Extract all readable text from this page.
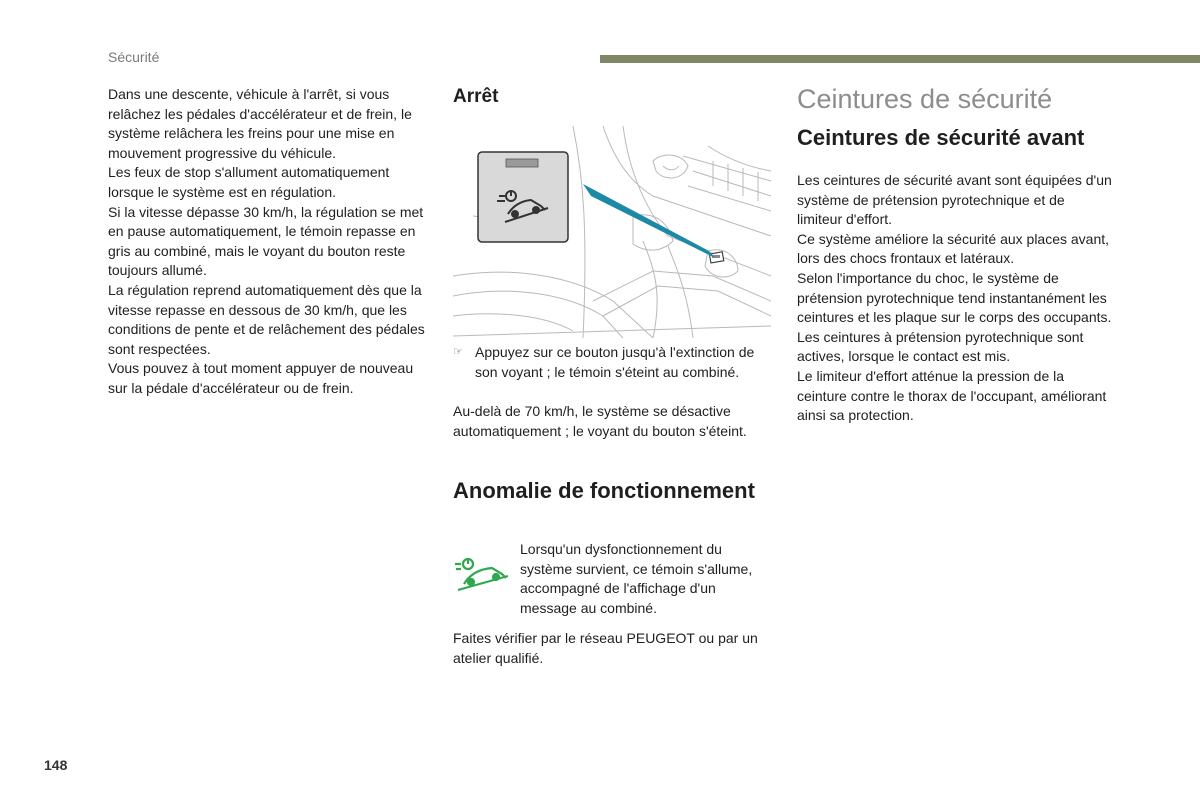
Sécurité

Dans une descente, véhicule à l'arrêt, si vous relâchez les pédales d'accélérateur et de frein, le système relâchera les freins pour une mise en mouvement progressive du véhicule.

Les feux de stop s'allument automatiquement lorsque le système est en régulation.

Si la vitesse dépasse 30 km/h, la régulation se met en pause automatiquement, le témoin repasse en gris au combiné, mais le voyant du bouton reste toujours allumé.

La régulation reprend automatiquement dès que la vitesse repasse en dessous de 30 km/h, que les conditions de pente et de relâchement des pédales sont respectées.

Vous pouvez à tout moment appuyer de nouveau sur la pédale d'accélérateur ou de frein.

Arrêt
☞ Appuyez sur ce bouton jusqu'à l'extinction de son voyant ; le témoin s'éteint au combiné.

Au-delà de 70 km/h, le système se désactive automatiquement ; le voyant du bouton s'éteint.

Anomalie de fonctionnement

Lorsqu'un dysfonctionnement du système survient, ce témoin s'allume, accompagné de l'affichage d'un message au combiné.

Faites vérifier par le réseau PEUGEOT ou par un atelier qualifié.

Ceintures de sécurité
Ceintures de sécurité avant

Les ceintures de sécurité avant sont équipées d'un système de prétension pyrotechnique et de limiteur d'effort.

Ce système améliore la sécurité aux places avant, lors des chocs frontaux et latéraux.

Selon l'importance du choc, le système de prétension pyrotechnique tend instantanément les ceintures et les plaque sur le corps des occupants.

Les ceintures à prétension pyrotechnique sont actives, lorsque le contact est mis.

Le limiteur d'effort atténue la pression de la ceinture contre le thorax de l'occupant, améliorant ainsi sa protection.

148
